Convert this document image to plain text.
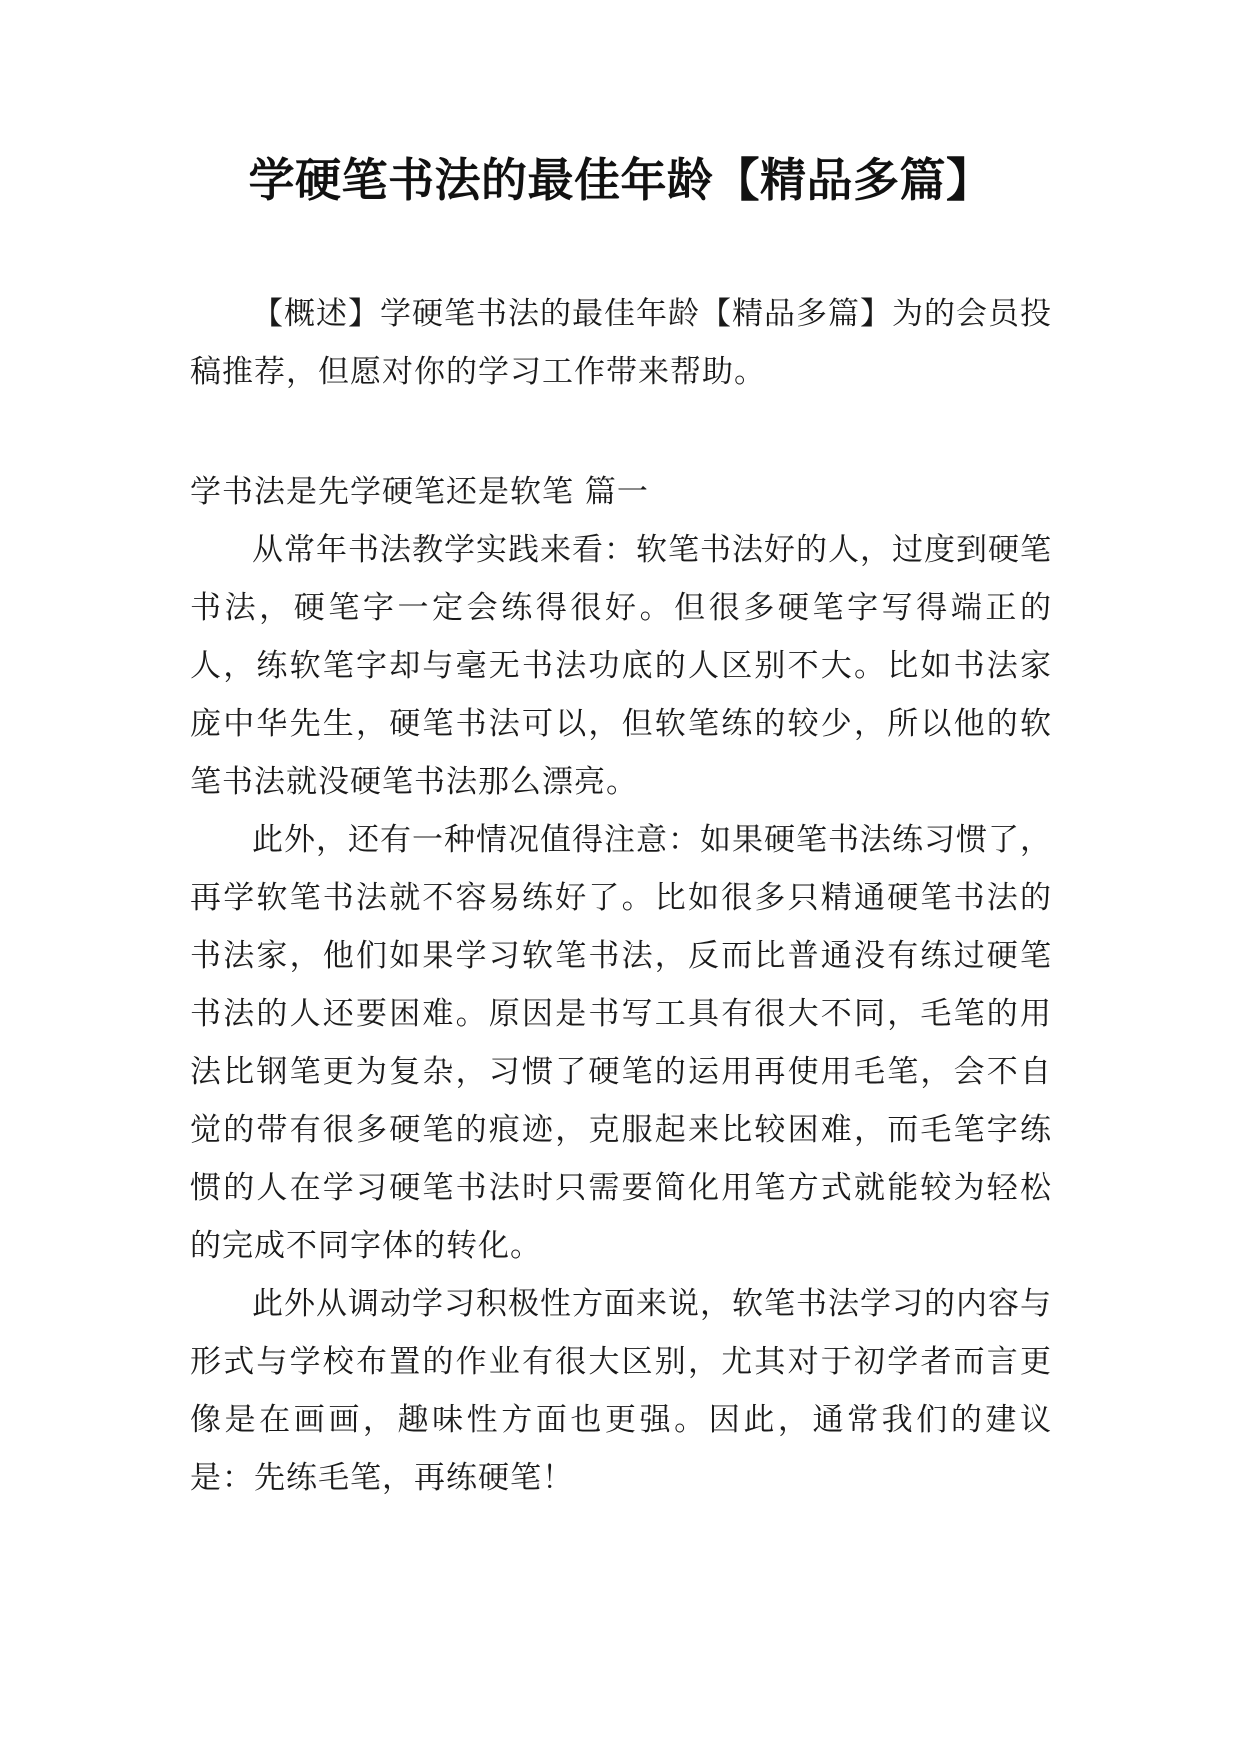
学硬笔书法的最佳年龄【精品多篇】
【概述】学硬笔书法的最佳年龄【精品多篇】为的会员投稿推荐，但愿对你的学习工作带来帮助。
学书法是先学硬笔还是软笔 篇一

从常年书法教学实践来看：软笔书法好的人，过度到硬笔书法，硬笔字一定会练得很好。但很多硬笔字写得端正的人，练软笔字却与毫无书法功底的人区别不大。比如书法家庞中华先生，硬笔书法可以，但软笔练的较少，所以他的软笔书法就没硬笔书法那么漂亮。

此外，还有一种情况值得注意：如果硬笔书法练习惯了，再学软笔书法就不容易练好了。比如很多只精通硬笔书法的书法家，他们如果学习软笔书法，反而比普通没有练过硬笔书法的人还要困难。原因是书写工具有很大不同，毛笔的用法比钢笔更为复杂，习惯了硬笔的运用再使用毛笔，会不自觉的带有很多硬笔的痕迹，克服起来比较困难，而毛笔字练惯的人在学习硬笔书法时只需要简化用笔方式就能较为轻松的完成不同字体的转化。

此外从调动学习积极性方面来说，软笔书法学习的内容与形式与学校布置的作业有很大区别，尤其对于初学者而言更像是在画画，趣味性方面也更强。因此，通常我们的建议是：先练毛笔，再练硬笔！
